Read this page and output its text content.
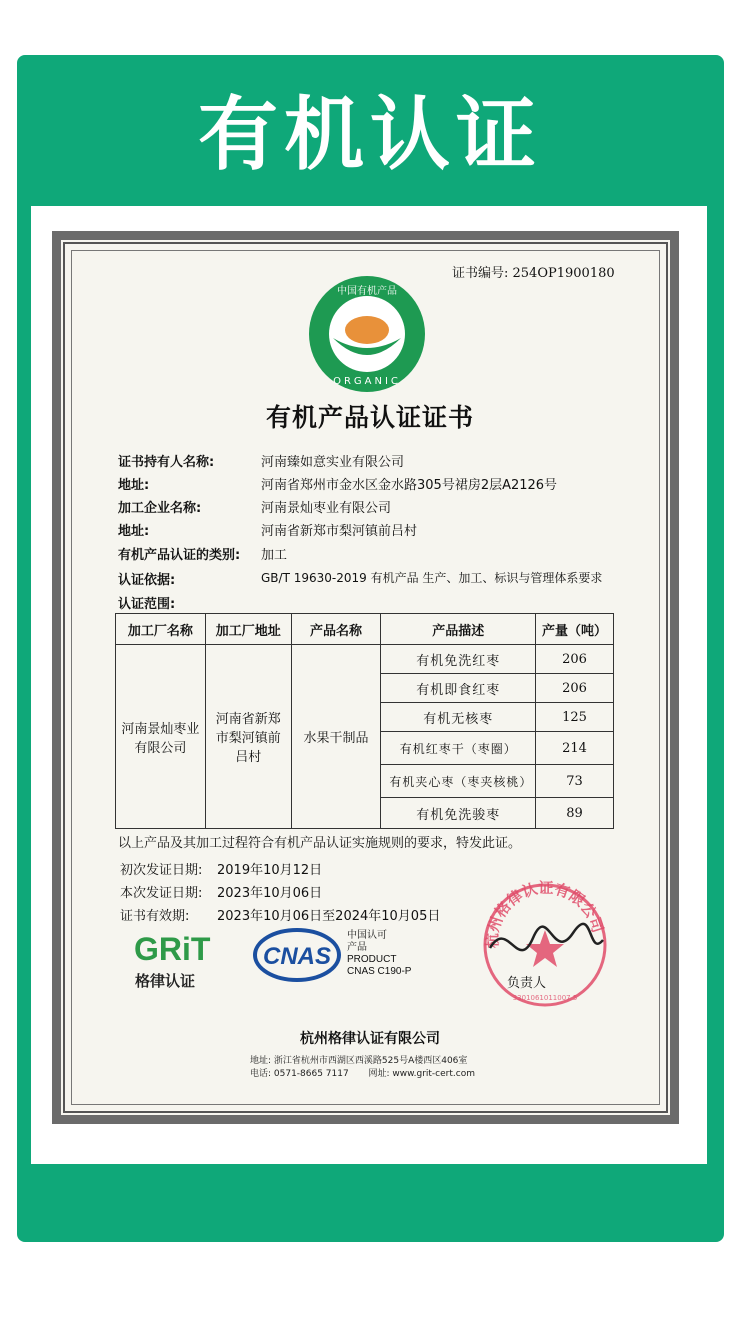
有机认证
证书编号: 254OP1900180
中国有机产品
ORGANIC
有机产品认证证书
证书持有人名称:	河南臻如意实业有限公司
地址:	河南省郑州市金水区金水路305号裙房2层A2126号
加工企业名称:	河南景灿枣业有限公司
地址:	河南省新郑市梨河镇前吕村
有机产品认证的类别: 加工
认证依据:	GB/T 19630-2019 有机产品 生产、加工、标识与管理体系要求
认证范围:
加工厂名称	加工厂地址	产品名称	产品描述	产量（吨）
河南景灿枣业有限公司	河南省新郑市梨河镇前吕村	水果干制品	有机免洗红枣	206
			有机即食红枣	206
			有机无核枣	125
			有机红枣干（枣圈）	214
			有机夹心枣（枣夹核桃）	73
			有机免洗骏枣	89
以上产品及其加工过程符合有机产品认证实施规则的要求，特发此证。
初次发证日期: 2019年10月12日
本次发证日期: 2023年10月06日
证书有效期: 2023年10月06日至2024年10月05日
GRiT
格律认证
CNAS
中国认可
产品
PRODUCT
CNAS C190-P
杭州格律认证有限公司
3301061011007 5
负责人
杭州格律认证有限公司
地址: 浙江省杭州市西湖区西溪路525号A楼西区406室
电话: 0571-8665 7117 网址: www.grit-cert.com
